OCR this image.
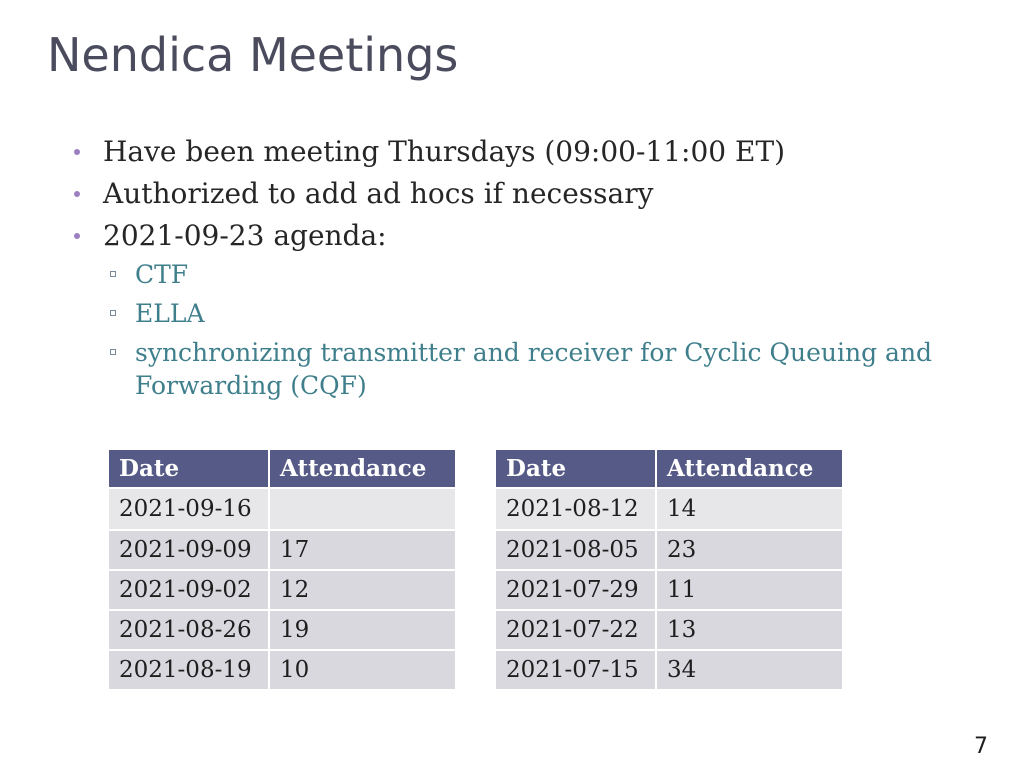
Nendica Meetings
Have been meeting Thursdays (09:00-11:00 ET)
Authorized to add ad hocs if necessary
2021-09-23 agenda:
CTF
ELLA
synchronizing transmitter and receiver for Cyclic Queuing and Forwarding (CQF)
Date	Attendance
2021-09-16	
2021-09-09	17
2021-09-02	12
2021-08-26	19
2021-08-19	10
Date	Attendance
2021-08-12	14
2021-08-05	23
2021-07-29	11
2021-07-22	13
2021-07-15	34
7
